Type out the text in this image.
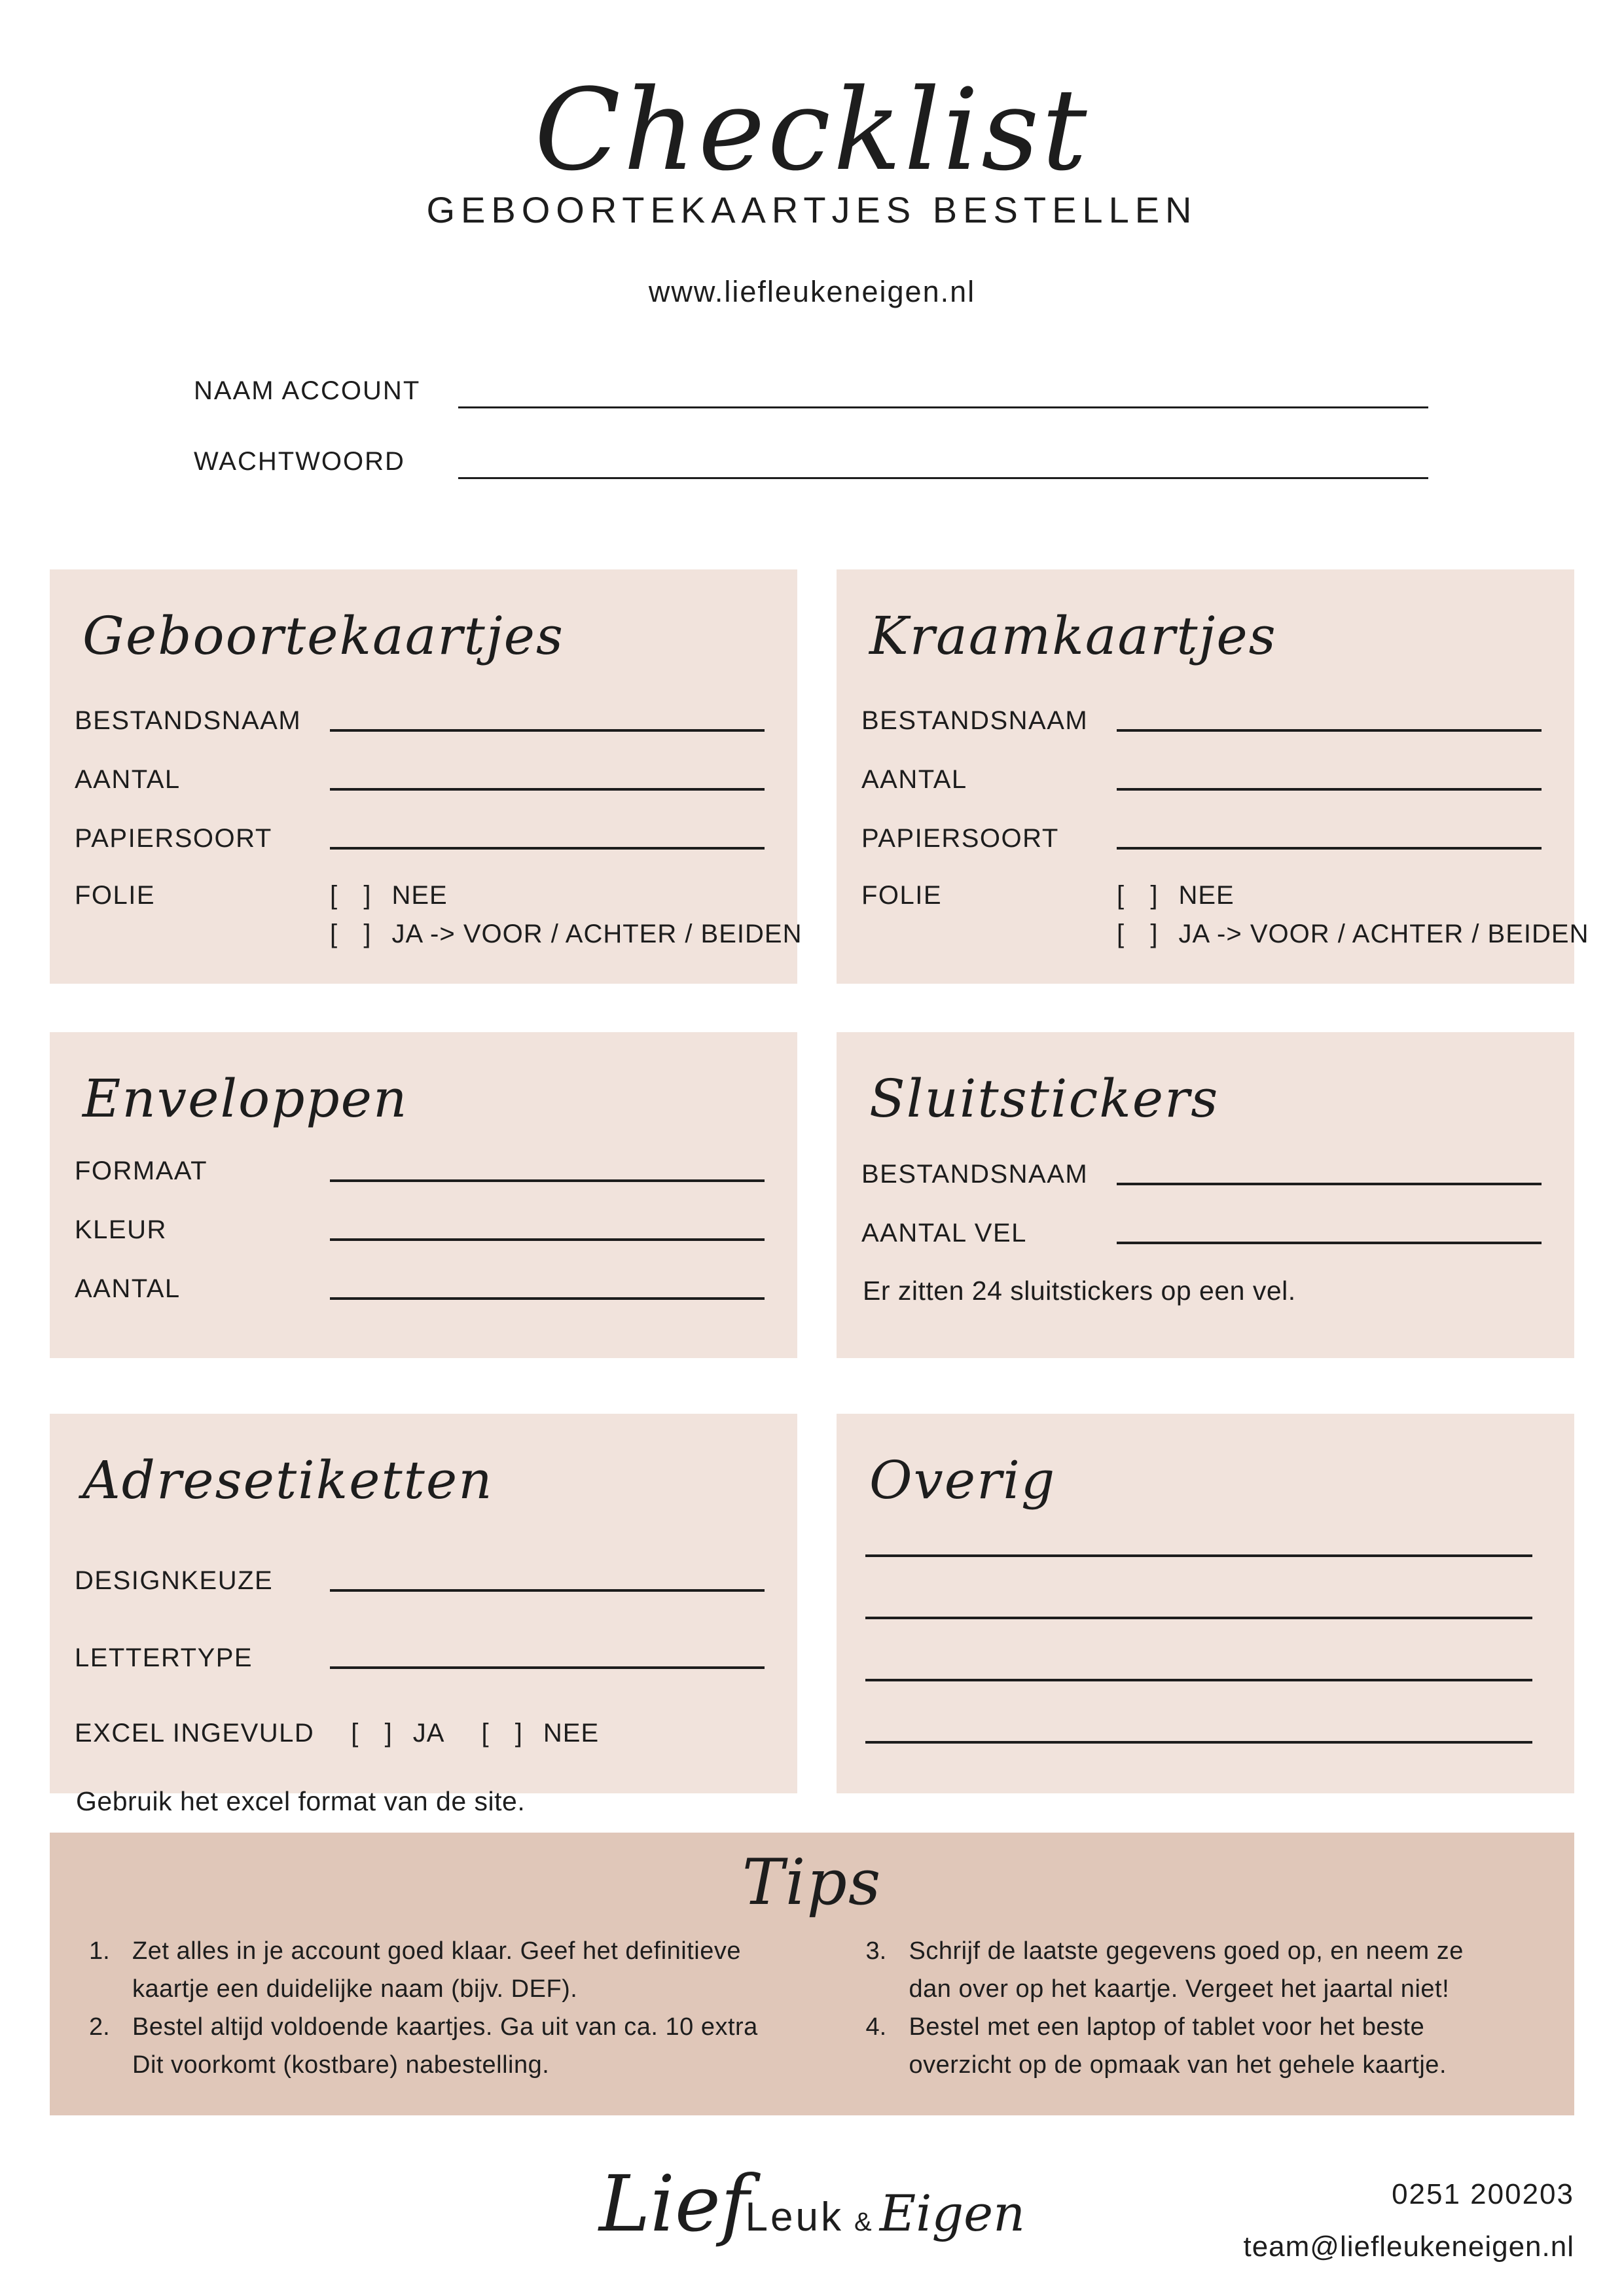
Checklist
GEBOORTEKAARTJES BESTELLEN
www.liefleukeneigen.nl
NAAM ACCOUNT
WACHTWOORD
Geboortekaartjes
BESTANDSNAAM
AANTAL
PAPIERSOORT
FOLIE	[  ] NEE
[  ] JA -> VOOR / ACHTER / BEIDEN
Kraamkaartjes
BESTANDSNAAM
AANTAL
PAPIERSOORT
FOLIE	[  ] NEE
[  ] JA -> VOOR / ACHTER / BEIDEN
Enveloppen
FORMAAT
KLEUR
AANTAL
Sluitstickers
BESTANDSNAAM
AANTAL VEL
Er zitten 24 sluitstickers op een vel.
Adresetiketten
DESIGNKEUZE
LETTERTYPE
EXCEL INGEVULD [  ] JA [  ] NEE
Gebruik het excel format van de site.
Overig
Tips
1. Zet alles in je account goed klaar. Geef het definitieve
kaartje een duidelijke naam (bijv. DEF).
2. Bestel altijd voldoende kaartjes. Ga uit van ca. 10 extra
Dit voorkomt (kostbare) nabestelling.
3. Schrijf de laatste gegevens goed op, en neem ze
dan over op het kaartje. Vergeet het jaartal niet!
4. Bestel met een laptop of tablet voor het beste
overzicht op de opmaak van het gehele kaartje.
Lief
Leuk & Eigen	0251 200203
team@liefleukeneigen.nl
